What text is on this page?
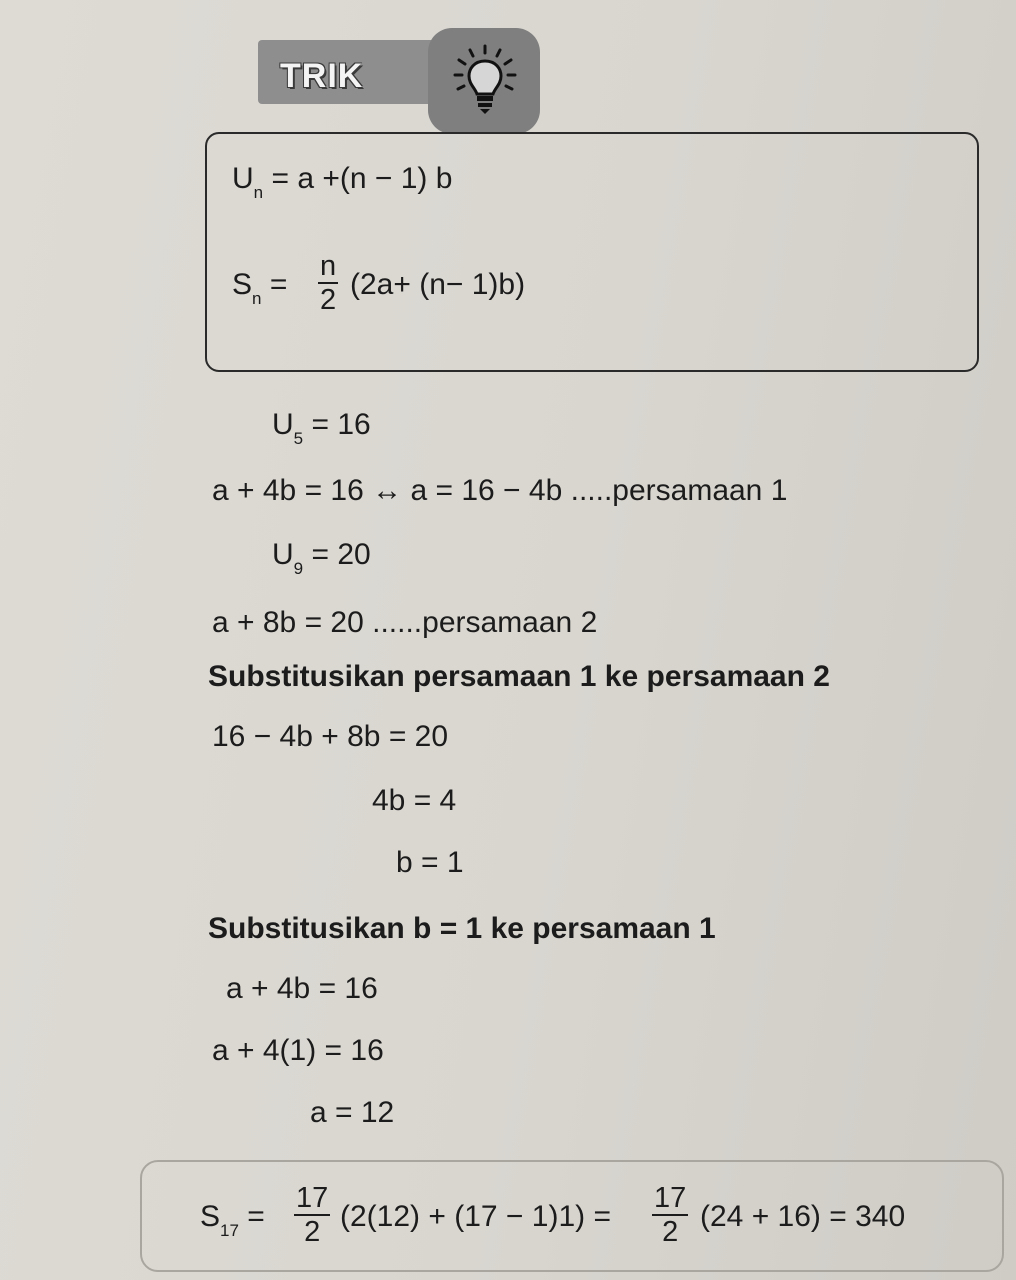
TRIK
$U_n = a +(n - 1)$ b
$S_n = \frac{n}{2} (2a+ (n- 1)b)$
$U_5 = 16$
a + 4b = 16 ↔ a = 16 − 4b .....persamaan 1
$U_9 = 20$
a + 8b = 20 ......persamaan 2
Substitusikan persamaan 1 ke persamaan 2
16 − 4b + 8b = 20
4b = 4
b = 1
Substitusikan b = 1 ke persamaan 1
a + 4b = 16
a + 4(1) = 16
a = 12
$S_{17} = \frac{17}{2} (2(12) + (17 - 1)1) = \frac{17}{2} (24 + 16) = 340$
